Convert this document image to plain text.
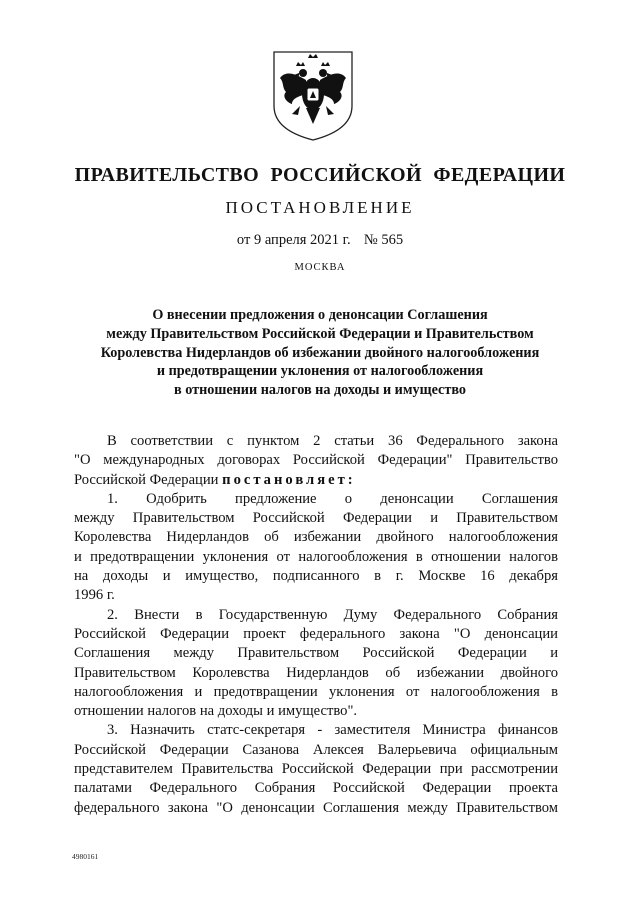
ПРАВИТЕЛЬСТВО РОССИЙСКОЙ ФЕДЕРАЦИИ
ПОСТАНОВЛЕНИЕ
от 9 апреля 2021 г. № 565
МОСКВА
О внесении предложения о денонсации Соглашения
между Правительством Российской Федерации и Правительством
Королевства Нидерландов об избежании двойного налогообложения
и предотвращении уклонения от налогообложения
в отношении налогов на доходы и имущество
В соответствии с пунктом 2 статьи 36 Федерального закона
"О международных договорах Российской Федерации" Правительство
Российской Федерации постановляет:
1. Одобрить предложение о денонсации Соглашения
между Правительством Российской Федерации и Правительством
Королевства Нидерландов об избежании двойного налогообложения
и предотвращении уклонения от налогообложения в отношении налогов
на доходы и имущество, подписанного в г. Москве 16 декабря
1996 г.
2. Внести в Государственную Думу Федерального Собрания
Российской Федерации проект федерального закона "О денонсации
Соглашения между Правительством Российской Федерации и
Правительством Королевства Нидерландов об избежании двойного
налогообложения и предотвращении уклонения от налогообложения в
отношении налогов на доходы и имущество".
3. Назначить статс-секретаря - заместителя Министра финансов
Российской Федерации Сазанова Алексея Валерьевича официальным
представителем Правительства Российской Федерации при рассмотрении
палатами Федерального Собрания Российской Федерации проекта
федерального закона "О денонсации Соглашения между Правительством
4980161
